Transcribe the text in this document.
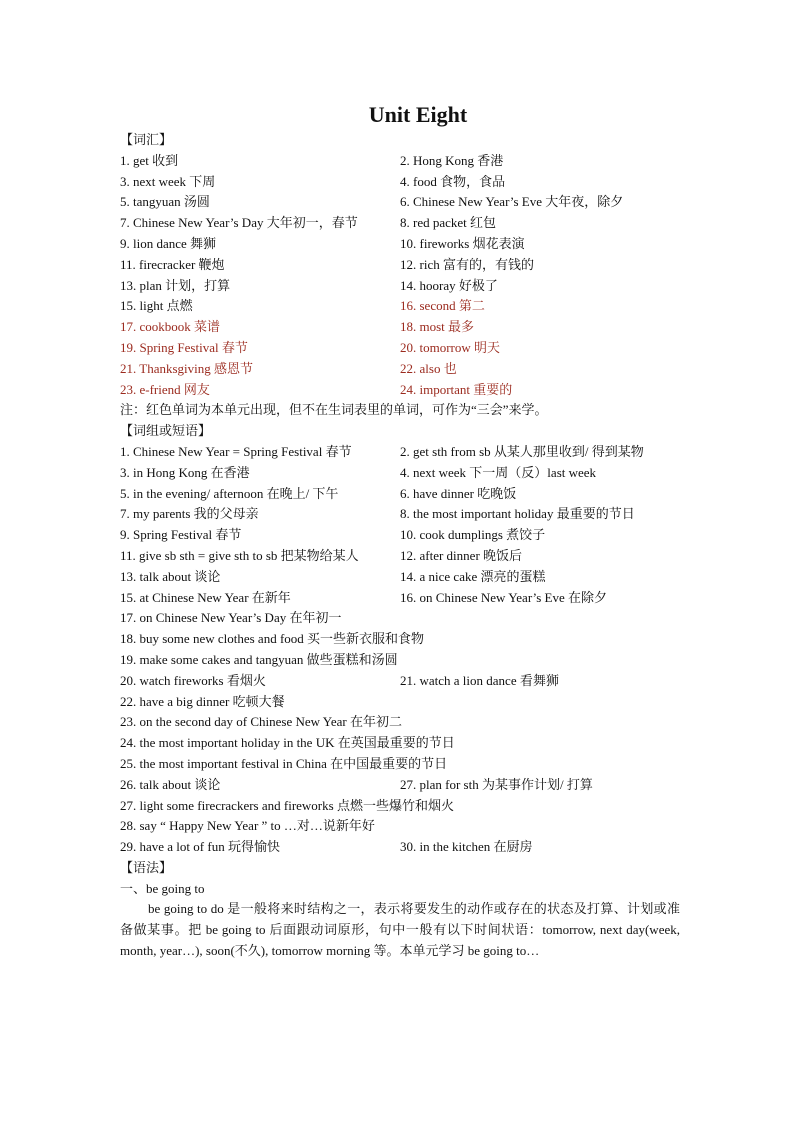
Unit Eight
【词汇】
1. get 收到	2. Hong Kong 香港
3. next week 下周	4. food 食物，食品
5. tangyuan 汤圆	6. Chinese New Year’s Eve 大年夜，除夕
7. Chinese New Year’s Day 大年初一，春节	8. red packet 红包
9. lion dance 舞狮	10. fireworks 烟花表演
11. firecracker 鞭炮	12. rich 富有的，有钱的
13. plan 计划，打算	14. hooray 好极了
15. light 点燃	16. second 第二
17. cookbook 菜谱	18. most 最多
19. Spring Festival 春节	20. tomorrow 明天
21. Thanksgiving 感恩节	22. also 也
23. e-friend 网友	24. important 重要的
注：红色单词为本单元出现，但不在生词表里的单词，可作为“三会”来学。
【词组或短语】
1. Chinese New Year = Spring Festival 春节	2. get sth from sb 从某人那里收到/ 得到某物
3. in Hong Kong 在香港	4. next week 下一周（反）last week
5. in the evening/ afternoon 在晚上/ 下午	6. have dinner 吃晚饭
7. my parents 我的父母亲	8. the most important holiday 最重要的节日
9. Spring Festival 春节	10. cook dumplings 煮饺子
11. give sb sth = give sth to sb 把某物给某人	12. after dinner 晚饭后
13. talk about 谈论	14. a nice cake 漂亮的蛋糕
15. at Chinese New Year 在新年	16. on Chinese New Year’s Eve 在除夕
17. on Chinese New Year’s Day 在年初一
18. buy some new clothes and food 买一些新衣服和食物
19. make some cakes and tangyuan 做些蛋糕和汤圆
20. watch fireworks 看烟火	21. watch a lion dance 看舞狮
22. have a big dinner 吃顿大餐
23. on the second day of Chinese New Year 在年初二
24. the most important holiday in the UK 在英国最重要的节日
25. the most important festival in China 在中国最重要的节日
26. talk about 谈论	27. plan for sth 为某事作计划/ 打算
27. light some firecrackers and fireworks 点燃一些爆竹和烟火
28. say “ Happy New Year ” to …对…说新年好
29. have a lot of fun 玩得愉快	30. in the kitchen 在厨房
【语法】
一、be going to
be going to do 是一般将来时结构之一，表示将要发生的动作或存在的状态及打算、计划或准备做某事。把 be going to 后面跟动词原形，句中一般有以下时间状语：tomorrow, next day(week, month, year…), soon(不久), tomorrow morning 等。本单元学习 be going to…
